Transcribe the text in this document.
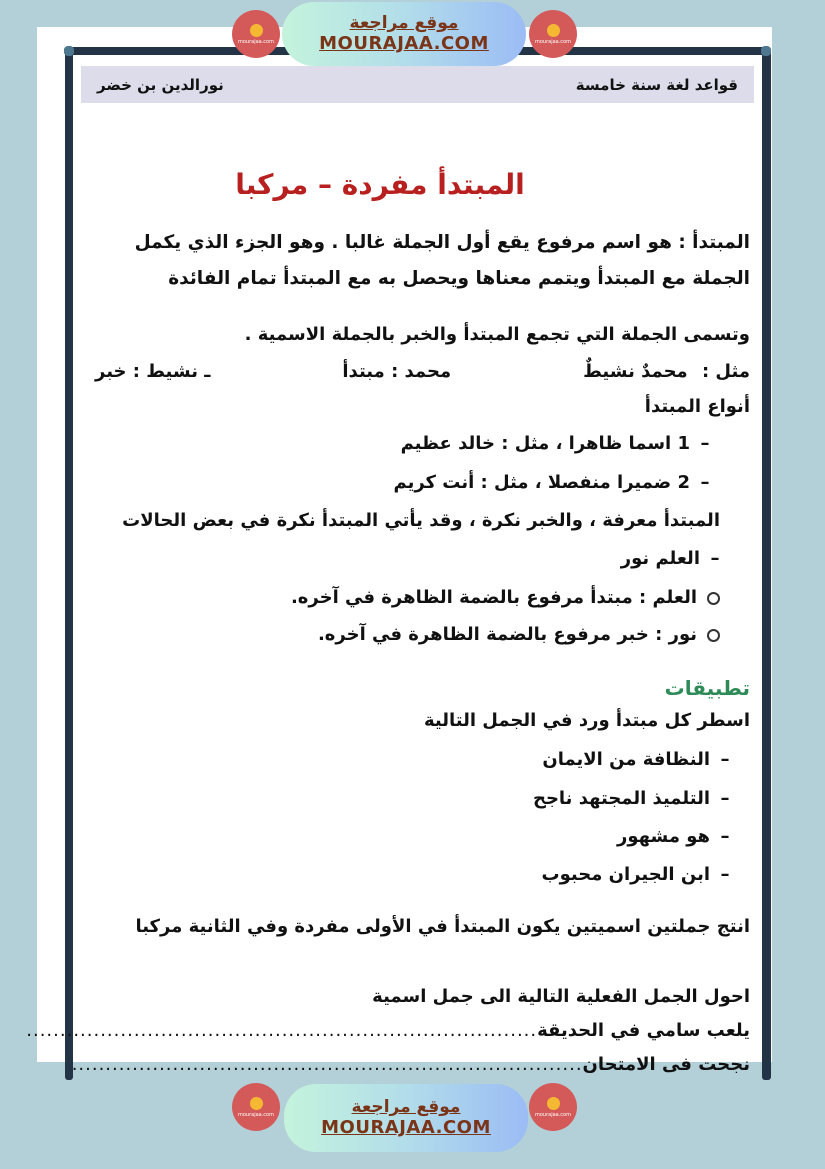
قواعد لغة سنة خامسة
نورالدين بن خضر
المبتدأ مفردة – مركبا
المبتدأ : هو اسم مرفوع يقع أول الجملة غالبا . وهو الجزء الذي يكمل
الجملة مع المبتدأ ويتمم معناها ويحصل به مع المبتدأ تمام الفائدة
وتسمى الجملة التي تجمع المبتدأ والخبر بالجملة الاسمية .
مثل : محمدٌ نشيطٌ
محمد : مبتدأ
ـ نشيط : خبر
أنواع المبتدأ
–1 اسما ظاهرا ، مثل : خالد عظيم
–2 ضميرا منفصلا ، مثل : أنت كريم
المبتدأ معرفة ، والخبر نكرة ، وقد يأتي المبتدأ نكرة في بعض الحالات
–العلم نور
العلم : مبتدأ مرفوع بالضمة الظاهرة في آخره.
نور : خبر مرفوع بالضمة الظاهرة في آخره.
تطبيقات
اسطر كل مبتدأ ورد في الجمل التالية
–النظافة من الايمان
–التلميذ المجتهد ناجح
–هو مشهور
–ابن الجيران محبوب
انتج جملتين اسميتين يكون المبتدأ في الأولى مفردة وفي الثانية مركبا
احول الجمل الفعلية التالية الى جمل اسمية
يلعب سامي في الحديقة
............................................................................
نجحت فى الامتحان
............................................................................
mourajaa.com
موقع مراجعة
MOURAJAA.COM	mourajaa.com
mourajaa.com	موقع مراجعة
MOURAJAA.COM
mourajaa.com
